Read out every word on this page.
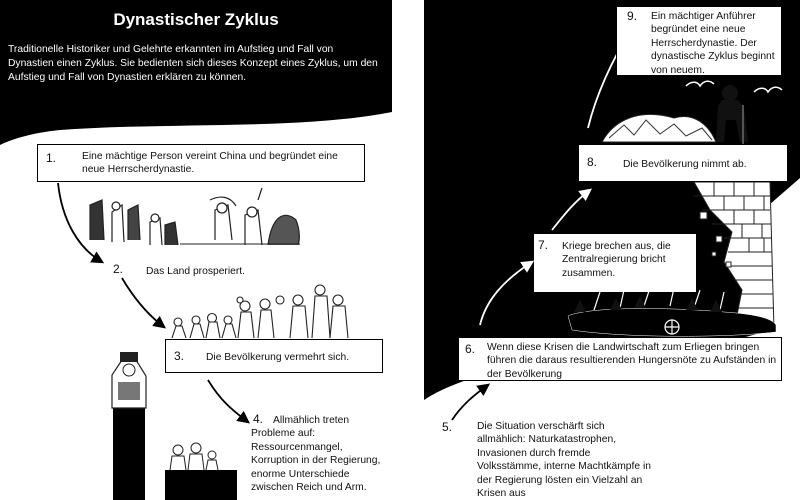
Dynastischer Zyklus
Traditionelle Historiker und Gelehrte erkannten im Aufstieg und Fall von Dynastien einen Zyklus. Sie bedienten sich dieses Konzept eines Zyklus, um den Aufstieg und Fall von Dynastien erklären zu können.
1.	Eine mächtige Person vereint China und begründet eine neue Herrscherdynastie.
2. Das Land prosperiert.
3. Die Bevölkerung vermehrt sich.
4. Allmählich treten Probleme auf: Ressourcenmangel, Korruption in der Regierung, enorme Unterschiede zwischen Reich und Arm.
9. Ein mächtiger Anführer begründet eine neue Herrscherdynastie. Der dynastische Zyklus beginnt von neuem.
8.	Die Bevölkerung nimmt ab.
7. Kriege brechen aus, die Zentralregierung bricht zusammen.
6. Wenn diese Krisen die Landwirtschaft zum Erliegen bringen führen die daraus resultierenden Hungersnöte zu Aufständen in der Bevölkerung
5. Die Situation verschärft sich allmählich: Naturkatastrophen, Invasionen durch fremde Volksstämme, interne Machtkämpfe in der Regierung lösten ein Vielzahl an Krisen aus
